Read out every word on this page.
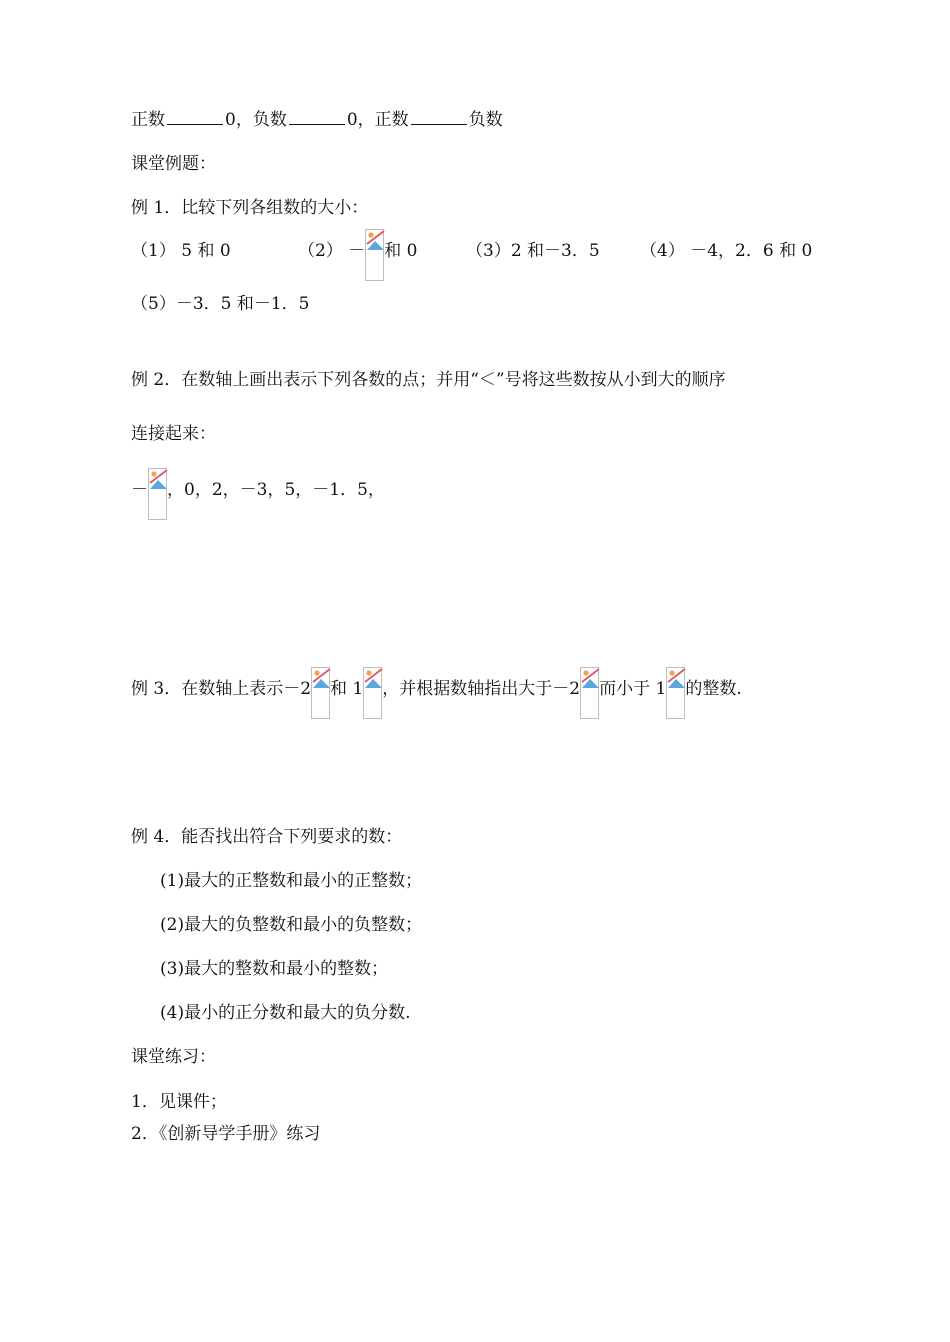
正数	0，负数	0，正数	负数
课堂例题：
例 1．比较下列各组数的大小：
（1） 5 和 0	（2） － 和 0	（3）2 和－3．5 （4） －4，2．6 和 0
（5）－3．5 和－1．5
例 2．在数轴上画出表示下列各数的点；并用“＜”号将这些数按从小到大的顺序
连接起来：
－ ，0，2，－3，5，－1．5，
例 3．在数轴上表示－2 和 1 ，并根据数轴指出大于－2 而小于 1 的整数.
例 4．能否找出符合下列要求的数：
(1)最大的正整数和最小的正整数；
(2)最大的负整数和最小的负整数；
(3)最大的整数和最小的整数；
(4)最小的正分数和最大的负分数.
课堂练习：
1．见课件；
2．《创新导学手册》练习
